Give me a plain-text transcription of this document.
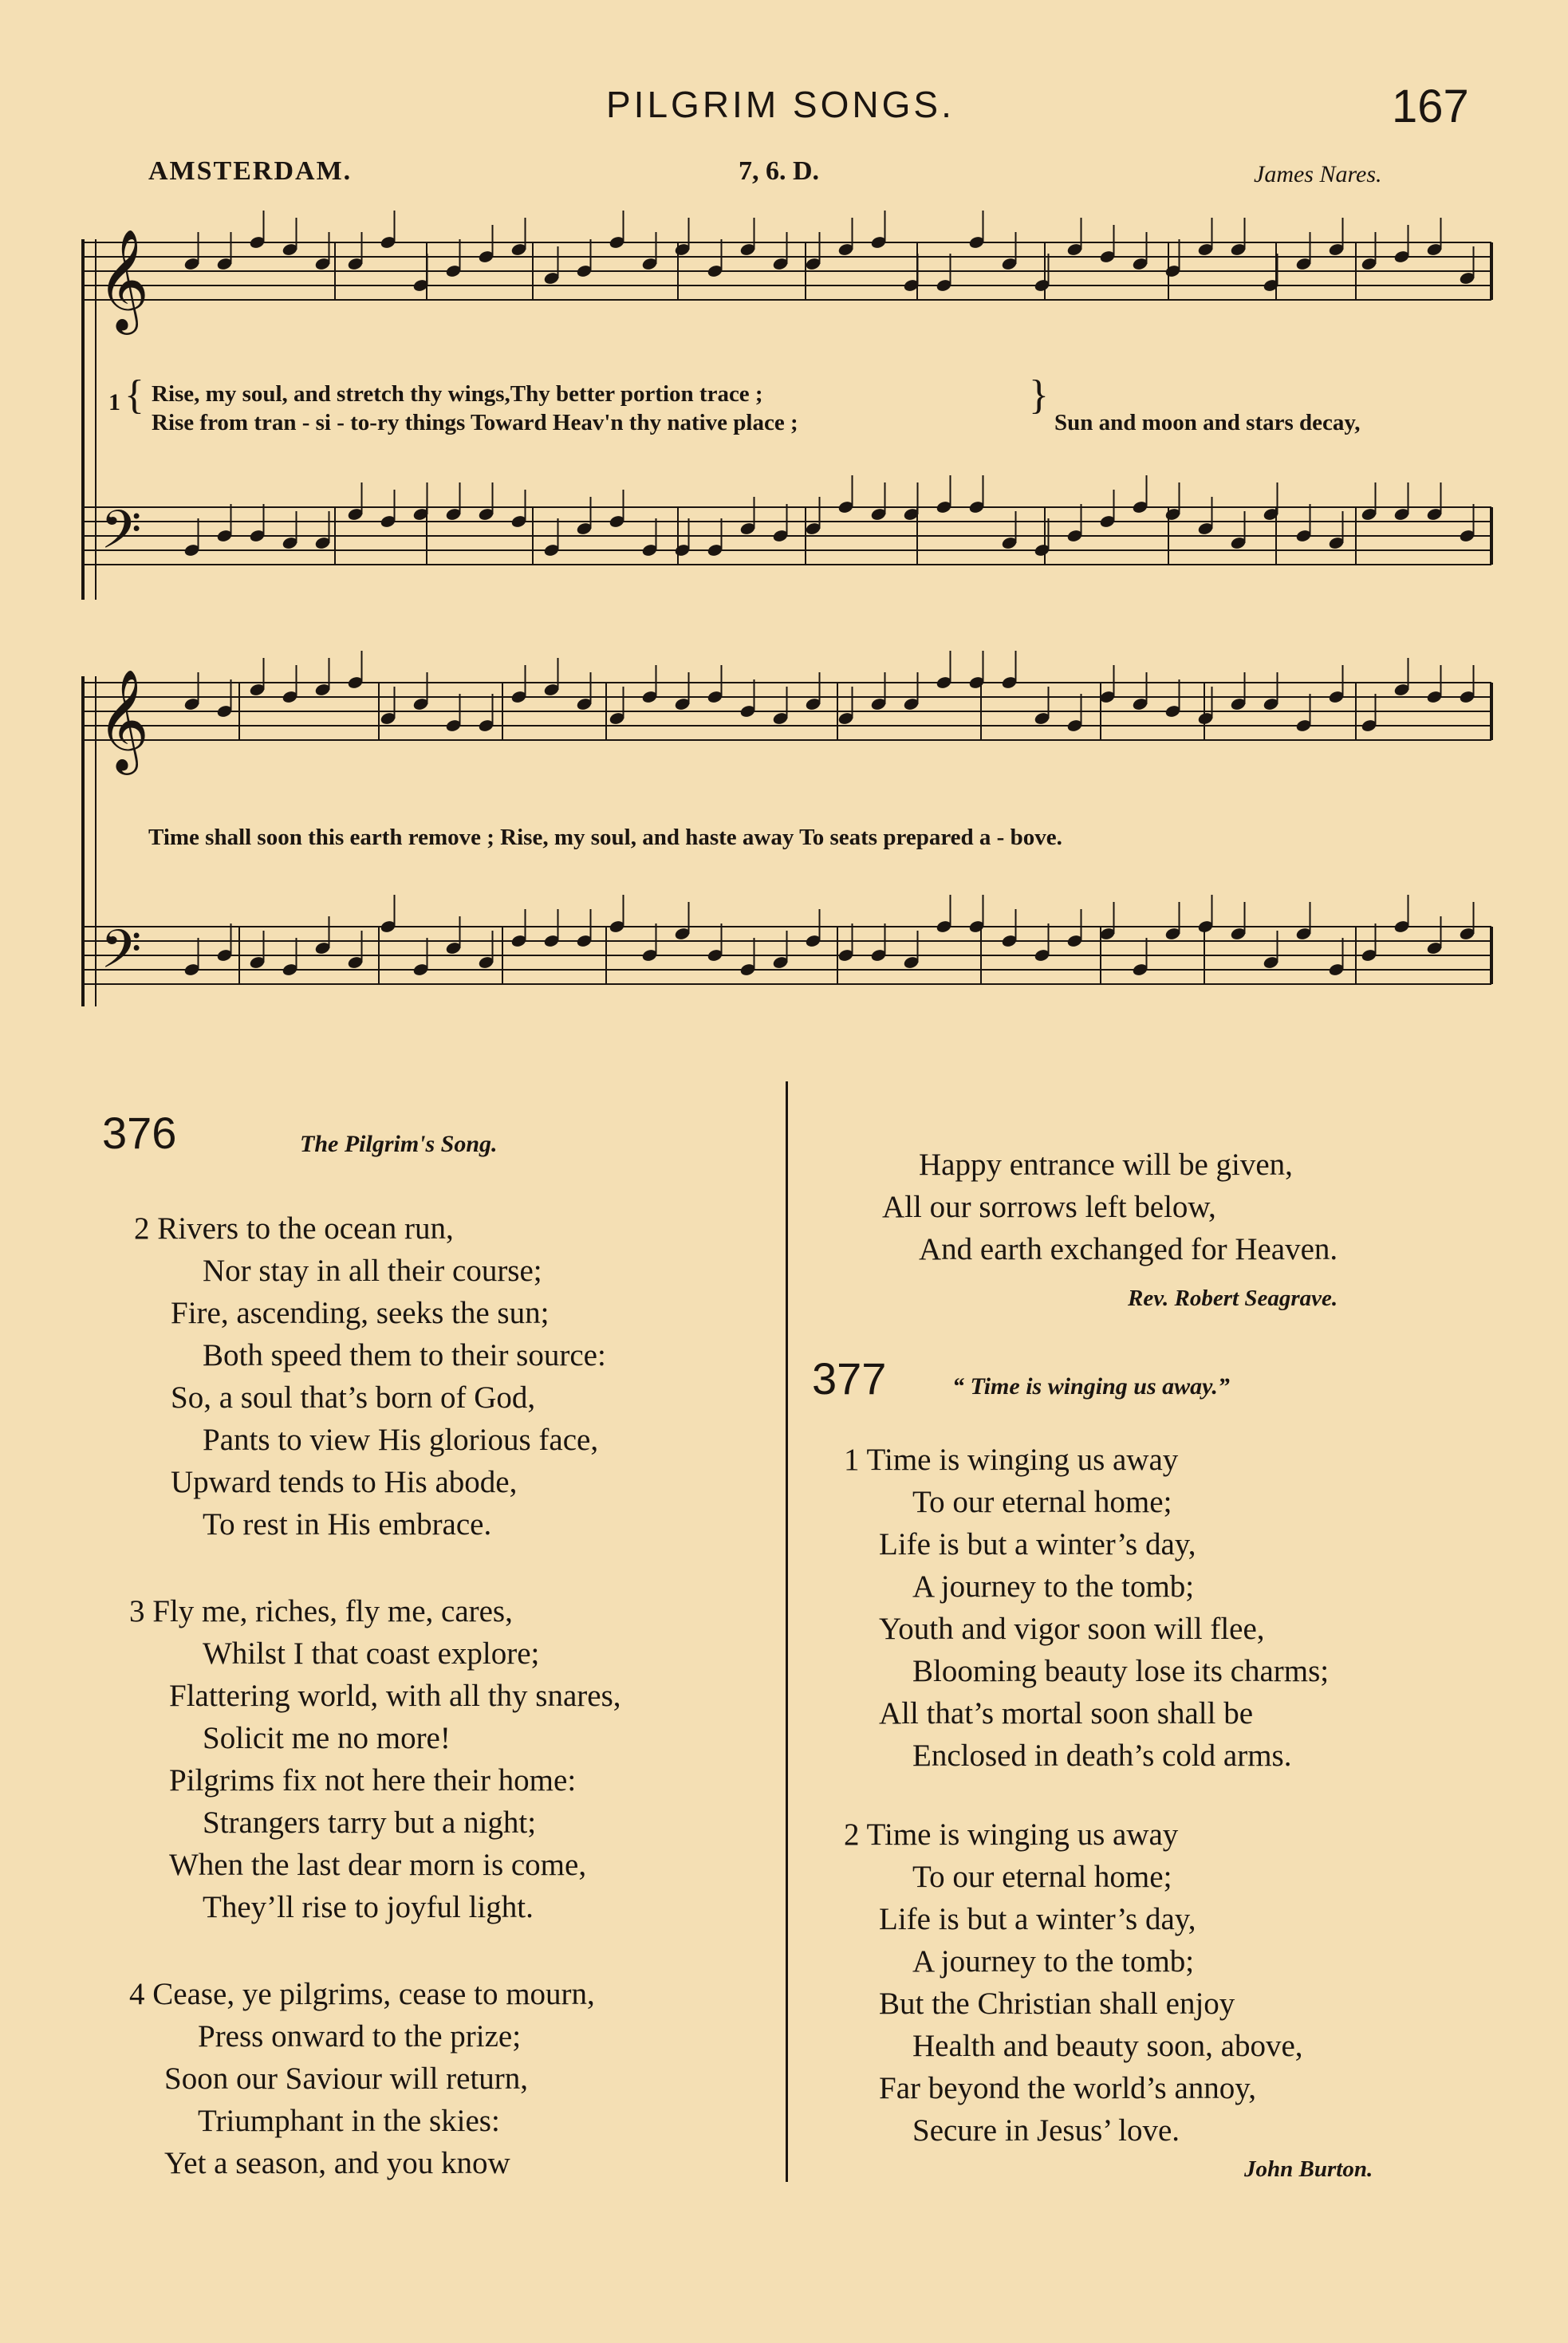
PILGRIM SONGS.	167
AMSTERDAM.	7, 6. D.	James Nares.
𝄞
𝄢
𝄞
𝄢
1 { Rise, my soul, and stretch thy wings,Thy better portion trace ;
Rise from tran - si - to-ry things Toward Heav'n thy native place ;
}
Sun and moon and stars decay,
Time shall soon this earth remove ; Rise, my soul, and haste away To seats prepared a - bove.
376	The Pilgrim's Song.
2 Rivers to the ocean run,
Nor stay in all their course;
Fire, ascending, seeks the sun;
Both speed them to their source:
So, a soul that’s born of God,
Pants to view His glorious face,
Upward tends to His abode,
To rest in His embrace.
3 Fly me, riches, fly me, cares,
Whilst I that coast explore;
Flattering world, with all thy snares,
Solicit me no more!
Pilgrims fix not here their home:
Strangers tarry but a night;
When the last dear morn is come,
They’ll rise to joyful light.
4 Cease, ye pilgrims, cease to mourn,
Press onward to the prize;
Soon our Saviour will return,
Triumphant in the skies:
Yet a season, and you know
Happy entrance will be given,
All our sorrows left below,
And earth exchanged for Heaven.
Rev. Robert Seagrave.
377	“ Time is winging us away.”
1 Time is winging us away
To our eternal home;
Life is but a winter’s day,
A journey to the tomb;
Youth and vigor soon will flee,
Blooming beauty lose its charms;
All that’s mortal soon shall be
Enclosed in death’s cold arms.
2 Time is winging us away
To our eternal home;
Life is but a winter’s day,
A journey to the tomb;
But the Christian shall enjoy
Health and beauty soon, above,
Far beyond the world’s annoy,
Secure in Jesus’ love.
John Burton.
